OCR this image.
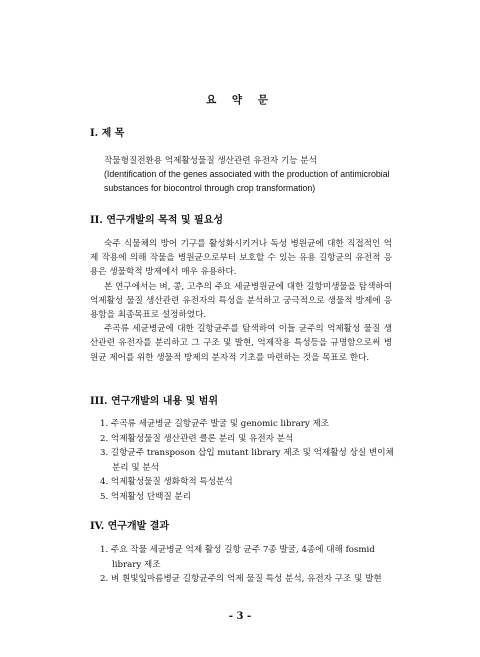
요 약 문
I. 제 목
작물형질전환용 억제활성물질 생산관련 유전자 기능 분석

(Identification of the genes associated with the production of antimicrobial substances for biocontrol through crop transformation)

II. 연구개발의 목적 및 필요성

숙주 식물체의 방어 기구를 활성화시키거나 독성 병원균에 대한 직접적인 억제 작용에 의해 작물을 병원균으로부터 보호할 수 있는 유용 길항균의 유전적 응용은 생물학적 방제에서 매우 유용하다.

본 연구에서는 벼, 콩, 고추의 주요 세균병원균에 대한 길항미생물을 탐색하여 억제활성 물질 생산관련 유전자의 특성을 분석하고 궁극적으로 생물적 방제에 응용함을 최종목표로 설정하였다.

주곡류 세균병균에 대한 길항균주를 탐색하여 이들 균주의 억제활성 물질 생산관련 유전자를 분리하고 그 구조 및 발현, 억제작용 특성등을 규명함으로써 병원균 제어를 위한 생물적 방제의 분자적 기초를 마련하는 것을 목표로 한다.

III. 연구개발의 내용 및 범위
1. 주곡류 세균병균 길항균주 발굴 및 genomic library 제조
2. 억제활성물질 생산관련 클론 분리 및 유전자 분석
3. 길항균주 transposon 삽입 mutant library 제조 및 억제활성 상실 변이체 분리 및 분석
4. 억제활성물질 생화학적 특성분석
5. 억제활성 단백질 분리
IV. 연구개발 결과
1. 주요 작물 세균병균 억제 활성 길항 균주 7종 발굴, 4종에 대해 fosmid library 제조
2. 벼 흰빛잎마름병균 길항균주의 억제 물질 특성 분석, 유전자 구조 및 발현
- 3 -
